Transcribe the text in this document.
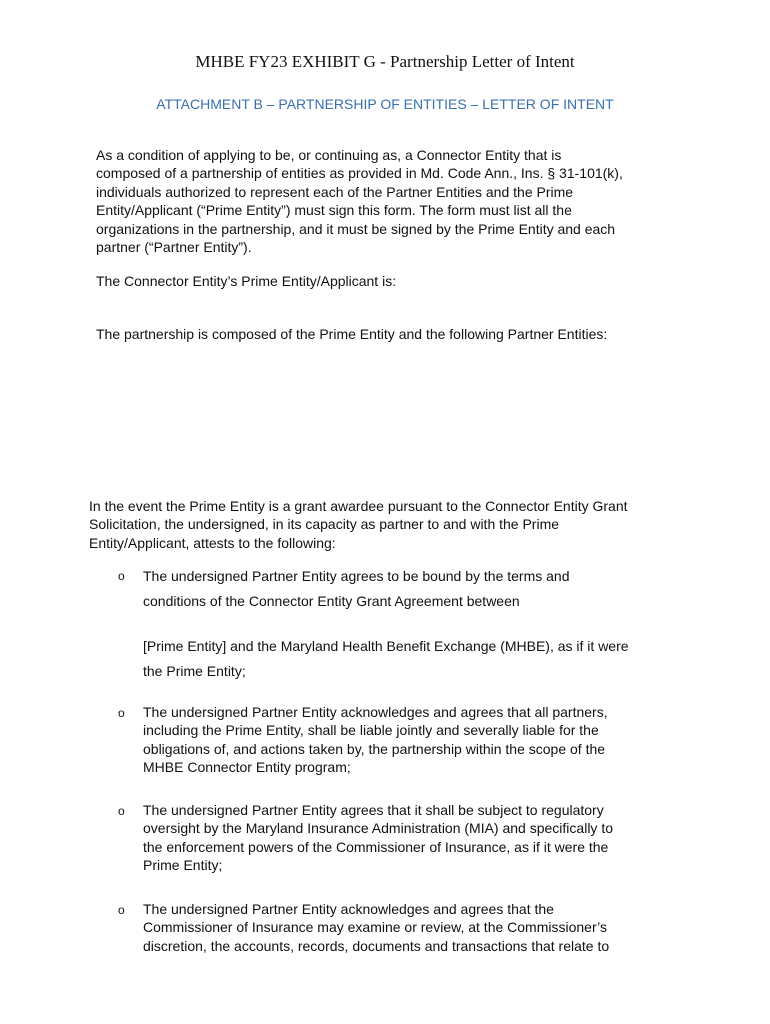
MHBE FY23 EXHIBIT G - Partnership Letter of Intent
ATTACHMENT B – PARTNERSHIP OF ENTITIES – LETTER OF INTENT

As a condition of applying to be, or continuing as, a Connector Entity that is
composed of a partnership of entities as provided in Md. Code Ann., Ins. § 31-101(k),
individuals authorized to represent each of the Partner Entities and the Prime
Entity/Applicant (“Prime Entity”) must sign this form. The form must list all the
organizations in the partnership, and it must be signed by the Prime Entity and each
partner (“Partner Entity”).

The Connector Entity’s Prime Entity/Applicant is:

The partnership is composed of the Prime Entity and the following Partner Entities:

In the event the Prime Entity is a grant awardee pursuant to the Connector Entity Grant
Solicitation, the undersigned, in its capacity as partner to and with the Prime
Entity/Applicant, attests to the following:

o The undersigned Partner Entity agrees to be bound by the terms and
conditions of the Connector Entity Grant Agreement between

[Prime Entity] and the Maryland Health Benefit Exchange (MHBE), as if it were
the Prime Entity;

o The undersigned Partner Entity acknowledges and agrees that all partners,
including the Prime Entity, shall be liable jointly and severally liable for the
obligations of, and actions taken by, the partnership within the scope of the
MHBE Connector Entity program;

o The undersigned Partner Entity agrees that it shall be subject to regulatory
oversight by the Maryland Insurance Administration (MIA) and specifically to
the enforcement powers of the Commissioner of Insurance, as if it were the
Prime Entity;

o The undersigned Partner Entity acknowledges and agrees that the
Commissioner of Insurance may examine or review, at the Commissioner’s
discretion, the accounts, records, documents and transactions that relate to
